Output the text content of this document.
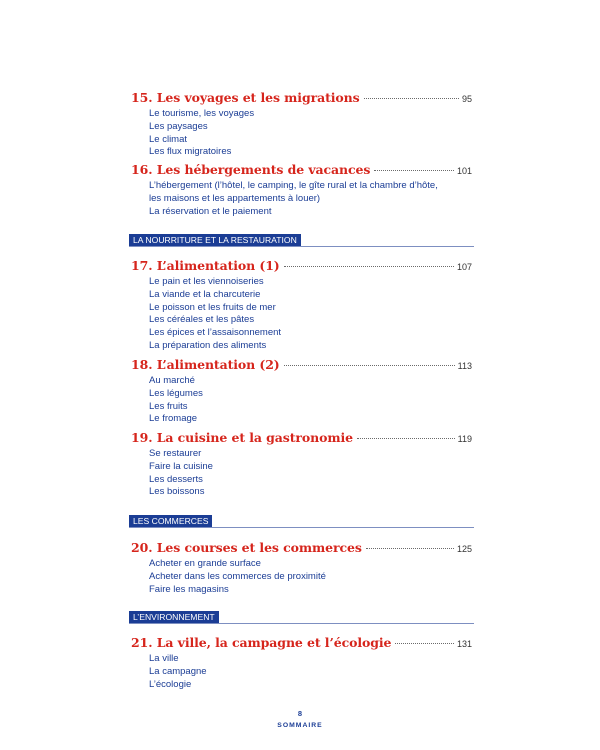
15. Les voyages et les migrations	95
Le tourisme, les voyages
Les paysages
Le climat
Les flux migratoires
16. Les hébergements de vacances	101
L’hébergement (l’hôtel, le camping, le gîte rural et la chambre d’hôte,
les maisons et les appartements à louer)
La réservation et le paiement
LA NOURRITURE ET LA RESTAURATION
17. L’alimentation (1)	107
Le pain et les viennoiseries
La viande et la charcuterie
Le poisson et les fruits de mer
Les céréales et les pâtes
Les épices et l’assaisonnement
La préparation des aliments
18. L’alimentation (2)	113
Au marché
Les légumes
Les fruits
Le fromage
19. La cuisine et la gastronomie	119
Se restaurer
Faire la cuisine
Les desserts
Les boissons
LES COMMERCES
20. Les courses et les commerces	125
Acheter en grande surface
Acheter dans les commerces de proximité
Faire les magasins
L’ENVIRONNEMENT
21. La ville, la campagne et l’écologie	131
La ville
La campagne
L’écologie
8
SOMMAIRE
